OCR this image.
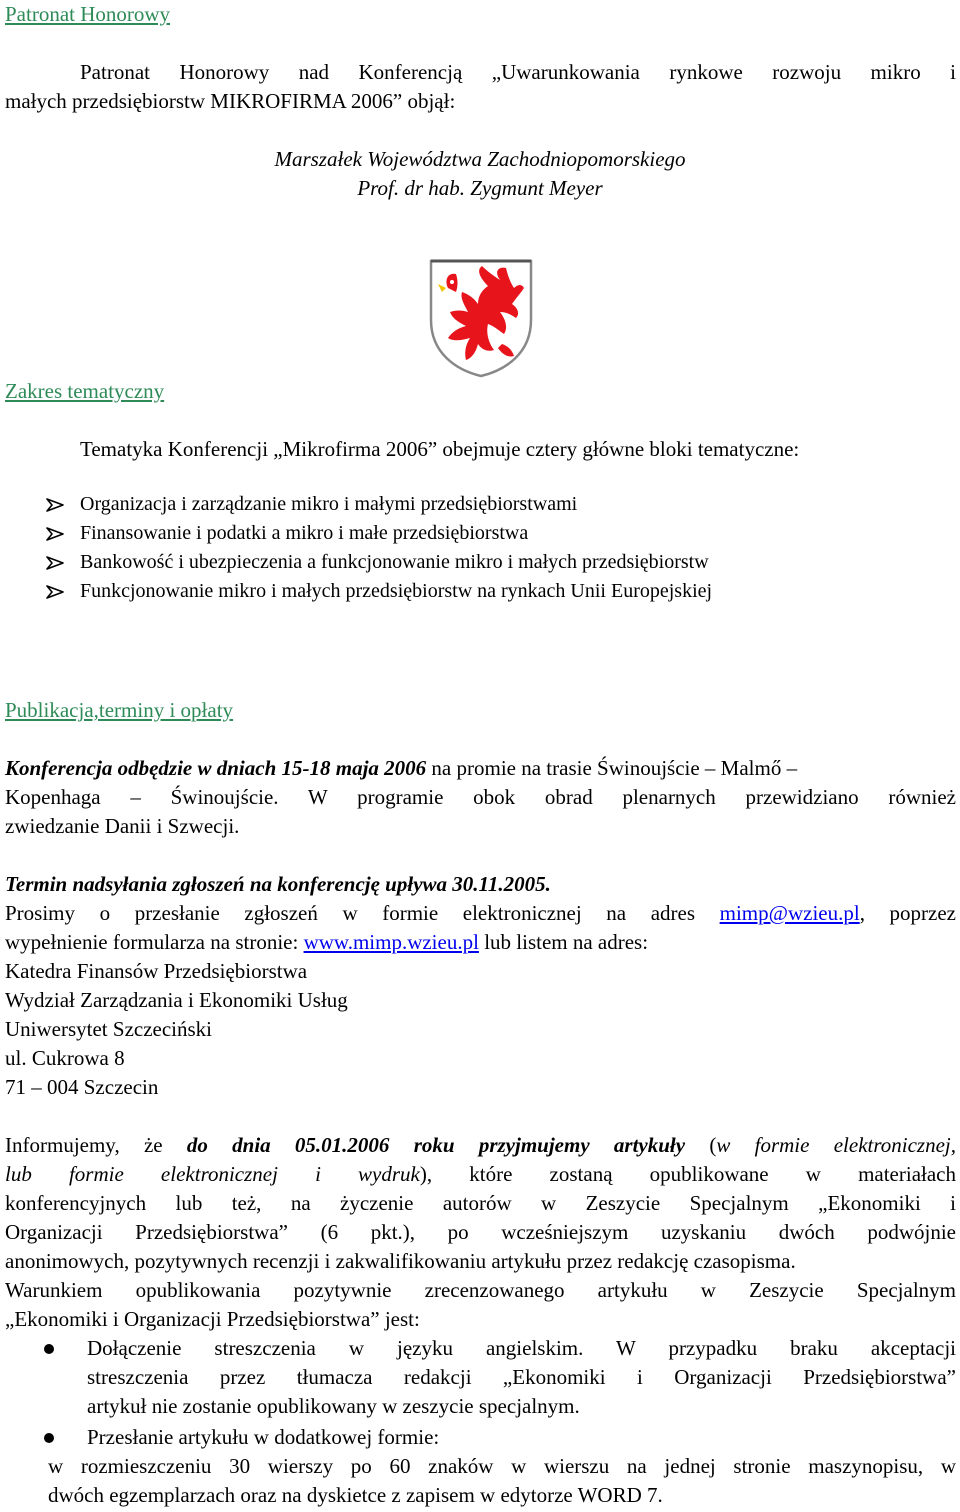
Patronat Honorowy

Patronat Honorowy nad Konferencją „Uwarunkowania rynkowe rozwoju mikro i

małych przedsiębiorstw MIKROFIRMA 2006” objął:

Marszałek Województwa Zachodniopomorskiego

Prof. dr hab. Zygmunt Meyer

Zakres tematyczny

Tematyka Konferencji „Mikrofirma 2006” obejmuje cztery główne bloki tematyczne:

Organizacja i zarządzanie mikro i małymi przedsiębiorstwami
Finansowanie i podatki a mikro i małe przedsiębiorstwa
Bankowość i ubezpieczenia a funkcjonowanie mikro i małych przedsiębiorstw
Funkcjonowanie mikro i małych przedsiębiorstw na rynkach Unii Europejskiej
Publikacja,terminy i opłaty

Konferencja odbędzie w dniach 15-18 maja 2006 na promie na trasie Świnoujście – Malmő –

Kopenhaga – Świnoujście. W programie obok obrad plenarnych przewidziano również

zwiedzanie Danii i Szwecji.

Termin nadsyłania zgłoszeń na konferencję upływa 30.11.2005.

Prosimy o przesłanie zgłoszeń w formie elektronicznej na adres mimp@wzieu.pl, poprzez

wypełnienie formularza na stronie: www.mimp.wzieu.pl lub listem na adres:

Katedra Finansów Przedsiębiorstwa

Wydział Zarządzania i Ekonomiki Usług

Uniwersytet Szczeciński

ul. Cukrowa 8

71 – 004 Szczecin

Informujemy, że do dnia 05.01.2006 roku przyjmujemy artykuły (w formie elektronicznej,

lub formie elektronicznej i wydruk), które zostaną opublikowane w materiałach

konferencyjnych lub też, na życzenie autorów w Zeszycie Specjalnym „Ekonomiki i

Organizacji Przedsiębiorstwa” (6 pkt.), po wcześniejszym uzyskaniu dwóch podwójnie

anonimowych, pozytywnych recenzji i zakwalifikowaniu artykułu przez redakcję czasopisma.

Warunkiem opublikowania pozytywnie zrecenzowanego artykułu w Zeszycie Specjalnym

„Ekonomiki i Organizacji Przedsiębiorstwa” jest:

Dołączenie streszczenia w języku angielskim. W przypadku braku akceptacji

streszczenia przez tłumacza redakcji „Ekonomiki i Organizacji Przedsiębiorstwa”

artykuł nie zostanie opublikowany w zeszycie specjalnym.

Przesłanie artykułu w dodatkowej formie:

w rozmieszczeniu 30 wierszy po 60 znaków w wierszu na jednej stronie maszynopisu, w

dwóch egzemplarzach oraz na dyskietce z zapisem w edytorze WORD 7.
